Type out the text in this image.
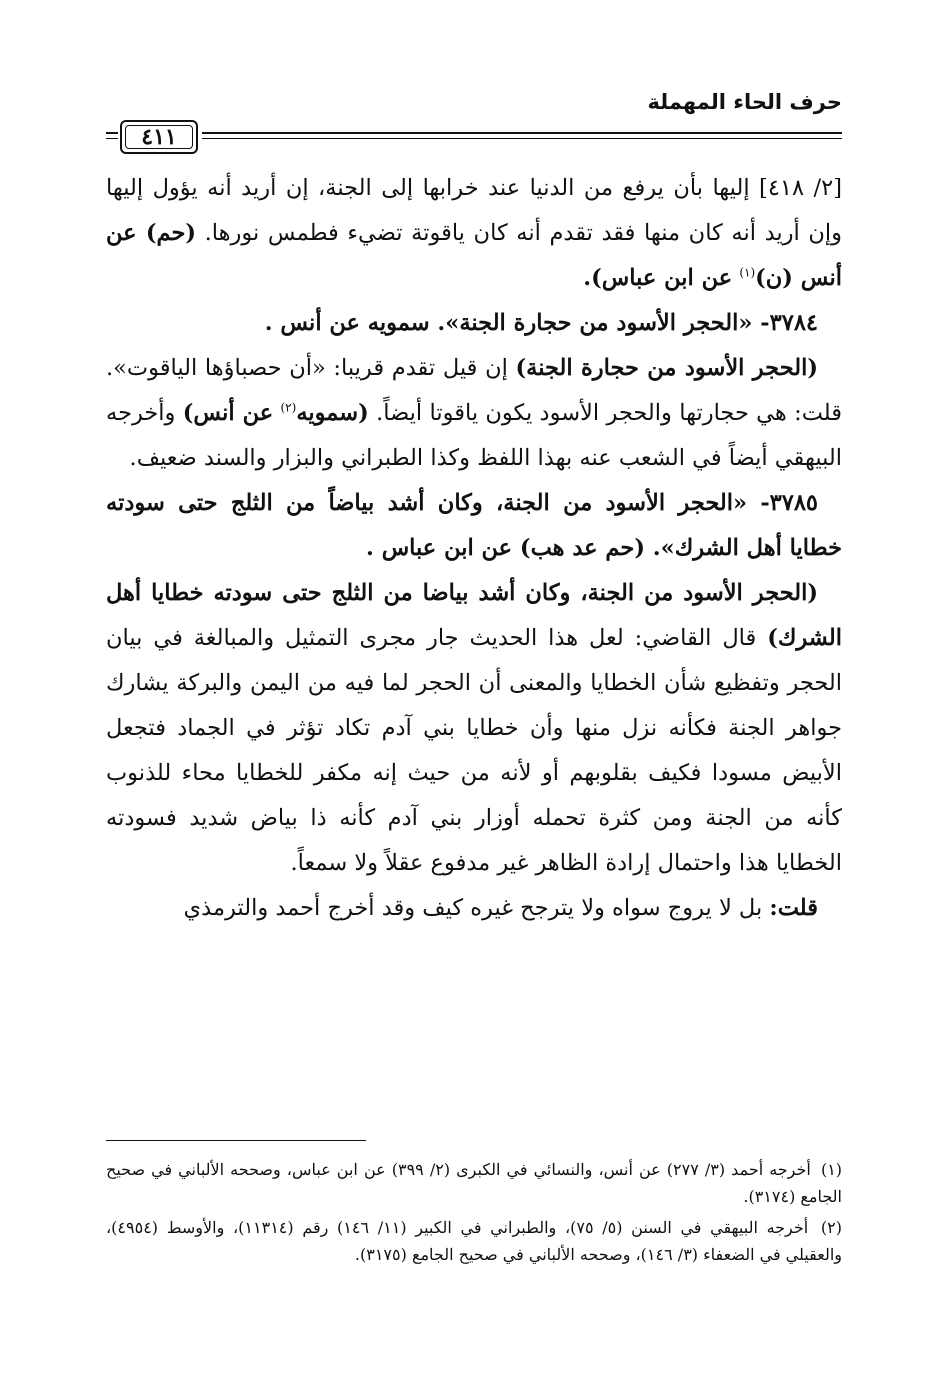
حرف الحاء المهملة
٤١١

[٢/ ٤١٨] إليها بأن يرفع من الدنيا عند خرابها إلى الجنة، إن أريد أنه يؤول إليها وإن أريد أنه كان منها فقد تقدم أنه كان ياقوتة تضيء فطمس نورها. (حم) عن أنس (ن)$^{(١)}$ عن ابن عباس).

٣٧٨٤- «الحجر الأسود من حجارة الجنة». سمويه عن أنس .

(الحجر الأسود من حجارة الجنة) إن قيل تقدم قريبا: «أن حصباؤها الياقوت». قلت: هي حجارتها والحجر الأسود يكون ياقوتا أيضاً. (سمويه$^{(٢)}$ عن أنس) وأخرجه البيهقي أيضاً في الشعب عنه بهذا اللفظ وكذا الطبراني والبزار والسند ضعيف.

٣٧٨٥- «الحجر الأسود من الجنة، وكان أشد بياضاً من الثلج حتى سودته خطايا أهل الشرك». (حم عد هب) عن ابن عباس .

(الحجر الأسود من الجنة، وكان أشد بياضا من الثلج حتى سودته خطايا أهل الشرك) قال القاضي: لعل هذا الحديث جار مجرى التمثيل والمبالغة في بيان الحجر وتفظيع شأن الخطايا والمعنى أن الحجر لما فيه من اليمن والبركة يشارك جواهر الجنة فكأنه نزل منها وأن خطايا بني آدم تكاد تؤثر في الجماد فتجعل الأبيض مسودا فكيف بقلوبهم أو لأنه من حيث إنه مكفر للخطايا محاء للذنوب كأنه من الجنة ومن كثرة تحمله أوزار بني آدم كأنه ذا بياض شديد فسودته الخطايا هذا واحتمال إرادة الظاهر غير مدفوع عقلاً ولا سمعاً.

قلت: بل لا يروج سواه ولا يترجح غيره كيف وقد أخرج أحمد والترمذي

(١) أخرجه أحمد (٣/ ٢٧٧) عن أنس، والنسائي في الكبرى (٢/ ٣٩٩) عن ابن عباس، وصححه الألباني في صحيح الجامع (٣١٧٤).

(٢) أخرجه البيهقي في السنن (٥/ ٧٥)، والطبراني في الكبير (١١/ ١٤٦) رقم (١١٣١٤)، والأوسط (٤٩٥٤)، والعقيلي في الضعفاء (٣/ ١٤٦)، وصححه الألباني في صحيح الجامع (٣١٧٥).
